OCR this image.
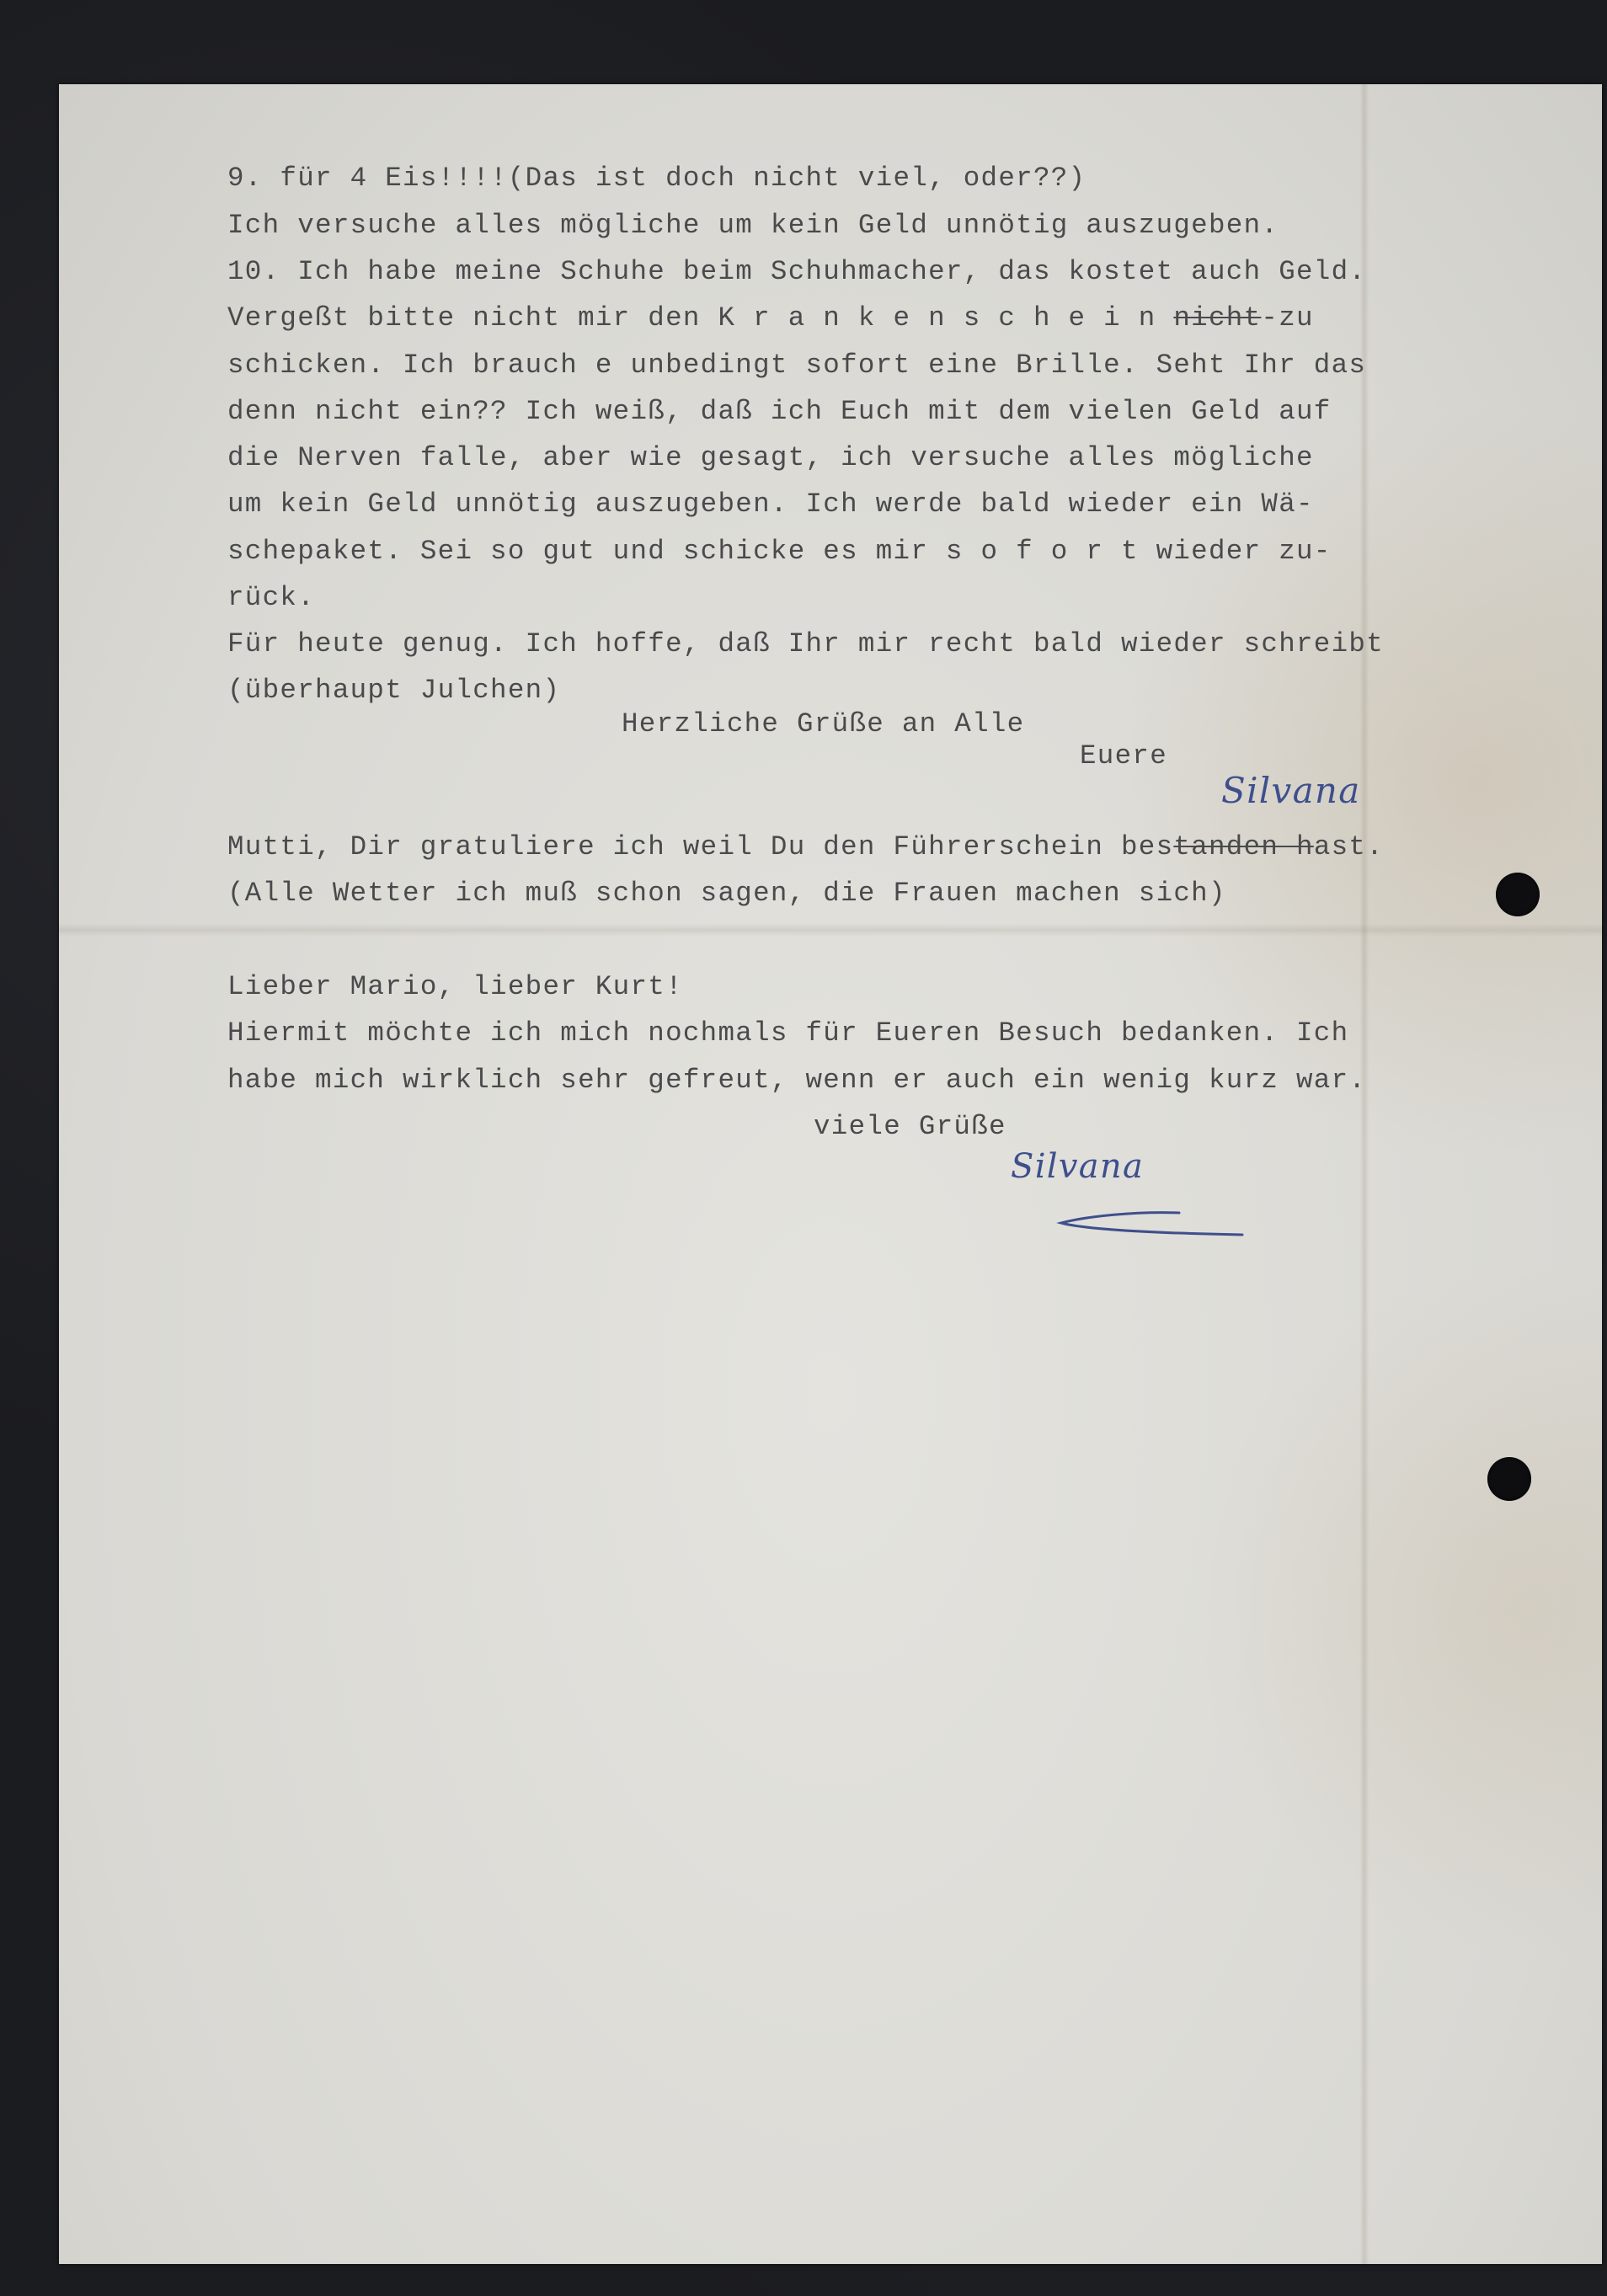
9. für 4 Eis!!!!(Das ist doch nicht viel, oder??)
Ich versuche alles mögliche um kein Geld unnötig auszugeben.
10. Ich habe meine Schuhe beim Schuhmacher, das kostet auch Geld.
Vergeßt bitte nicht mir den K r a n k e n s c h e i n nicht-zu
schicken. Ich brauch e unbedingt sofort eine Brille. Seht Ihr das
denn nicht ein?? Ich weiß, daß ich Euch mit dem vielen Geld auf
die Nerven falle, aber wie gesagt, ich versuche alles mögliche
um kein Geld unnötig auszugeben. Ich werde bald wieder ein Wä-
schepaket. Sei so gut und schicke es mir s o f o r t wieder zu-
rück.
Für heute genug. Ich hoffe, daß Ihr mir recht bald wieder schreibt
(überhaupt Julchen)
Herzliche Grüße an Alle
Euere
Silvana
Mutti, Dir gratuliere ich weil Du den Führerschein bestanden hast.
(Alle Wetter ich muß schon sagen, die Frauen machen sich)
Lieber Mario, lieber Kurt!
Hiermit möchte ich mich nochmals für Eueren Besuch bedanken. Ich
habe mich wirklich sehr gefreut, wenn er auch ein wenig kurz war.
viele Grüße
Silvana
